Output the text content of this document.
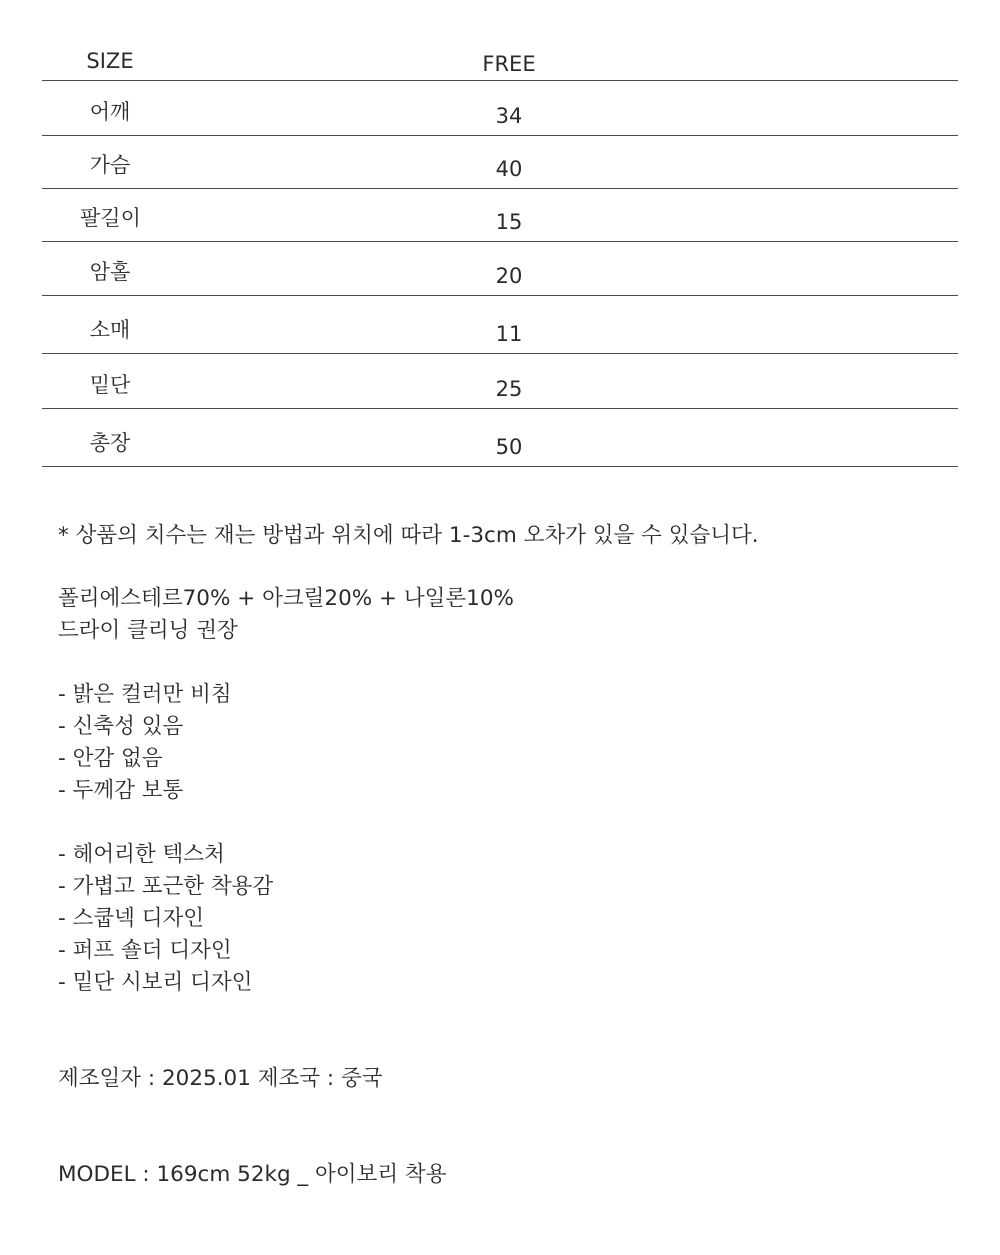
SIZE	FREE
어깨	34
가슴	40
팔길이	15
암홀	20
소매	11
밑단	25
총장	50
* 상품의 치수는 재는 방법과 위치에 따라 1-3cm 오차가 있을 수 있습니다.
폴리에스테르70% + 아크릴20% + 나일론10%
드라이 클리닝 권장
- 밝은 컬러만 비침
- 신축성 있음
- 안감 없음
- 두께감 보통
- 헤어리한 텍스처
- 가볍고 포근한 착용감
- 스쿱넥 디자인
- 퍼프 숄더 디자인
- 밑단 시보리 디자인
제조일자 : 2025.01 제조국 : 중국
MODEL : 169cm 52kg _ 아이보리 착용
